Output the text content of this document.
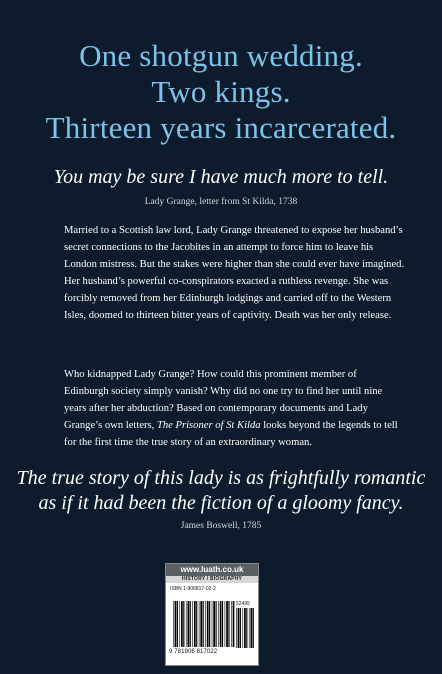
One shotgun wedding.
Two kings.
Thirteen years incarcerated.
You may be sure I have much more to tell.
Lady Grange, letter from St Kilda, 1738
Married to a Scottish law lord, Lady Grange threatened to expose her husband’s
secret connections to the Jacobites in an attempt to force him to leave his
London mistress. But the stakes were higher than she could ever have imagined.
Her husband’s powerful co-conspirators exacted a ruthless revenge. She was
forcibly removed from her Edinburgh lodgings and carried off to the Western
Isles, doomed to thirteen bitter years of captivity. Death was her only release.
Who kidnapped Lady Grange? How could this prominent member of
Edinburgh society simply vanish? Why did no one try to find her until nine
years after her abduction? Based on contemporary documents and Lady
Grange’s own letters, The Prisoner of St Kilda looks beyond the legends to tell
for the first time the true story of an extraordinary woman.
The true story of this lady is as frightfully romantic
as if it had been the fiction of a gloomy fancy.
James Boswell, 1785
www.luath.co.uk
HISTORY / BIOGRAPHY
ISBN 1-906817-02-2
9 781906 817022
52495
